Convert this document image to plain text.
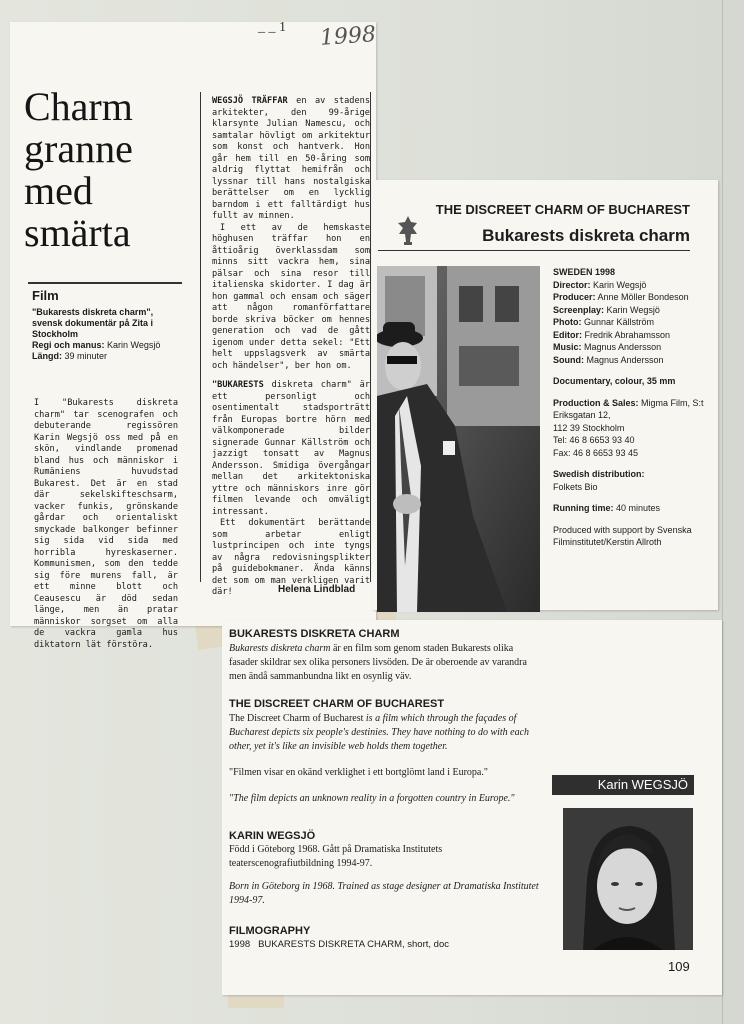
_ _ 1 1998
Charm
granne
med
smärta
Film
"Bukarests diskreta charm", svensk dokumentär på Zita i Stockholm
Regi och manus: Karin Wegsjö
Längd: 39 minuter
I "Bukarests diskreta charm" tar scenografen och debuterande regissören Karin Wegsjö oss med på en skön, vindlande promenad bland hus och människor i Rumäniens huvudstad Bukarest. Det är en stad där sekelskifteschsarm, vacker funkis, grönskande gårdar och orientaliskt smyckade balkonger befinner sig sida vid sida med horribla hyreskaserner. Kommunismen, som den tedde sig före murens fall, är ett minne blott och Ceausescu är död sedan länge, men än pratar människor sorgset om alla de vackra gamla hus diktatorn lät förstöra.

WEGSJÖ TRÄFFAR en av stadens arkitekter, den 99-årige klarsynte Julian Namescu, och samtalar hövligt om arkitektur som konst och hantverk. Hon går hem till en 50-åring som aldrig flyttat hemifrån och lyssnar till hans nostalgiska berättelser om en lycklig barndom i ett falltärdigt hus fullt av minnen.

I ett av de hemskaste höghusen träffar hon en åttioårig överklassdam som minns sitt vackra hem, sina pälsar och sina resor till italienska skidorter. I dag är hon gammal och ensam och säger att någon romanförfattare borde skriva böcker om hennes generation och vad de gått igenom under detta sekel: "Ett helt uppslagsverk av smärta och händelser", ber hon om.

"BUKARESTS diskreta charm" är ett personligt och osentimentalt stadsporträtt från Europas bortre hörn med välkomponerade bilder signerade Gunnar Källström och jazzigt tonsatt av Magnus Andersson. Smidiga övergångar mellan det arkitektoniska yttre och människors inre gör filmen levande och omväligt intressant.

Ett dokumentärt berättande som arbetar enligt lustprincipen och inte tyngs av några redovisningsplikter på guidebokmaner. Ända känns det som om man verkligen varit där!	Helena Lindblad
THE DISCREET CHARM OF BUCHAREST
Bukarests diskreta charm

SWEDEN 1998

Director: Karin Wegsjö

Producer: Anne Möller Bondeson

Screenplay: Karin Wegsjö

Photo: Gunnar Källström

Editor: Fredrik Abrahamsson

Music: Magnus Andersson

Sound: Magnus Andersson

Documentary, colour, 35 mm

Production & Sales: Migma Film, S:t Eriksgatan 12,

112 39 Stockholm

Tel: 46 8 6653 93 40

Fax: 46 8 6653 93 45

Swedish distribution:

Folkets Bio

Running time: 40 minutes

Produced with support by Svenska Filminstitutet/Kerstin Allroth

BUKARESTS DISKRETA CHARM
Bukarests diskreta charm är en film som genom staden Bukarests olika fasader skildrar sex olika personers livsöden. De är oberoende av varandra men ändå sammanbundna likt en osynlig väv.
THE DISCREET CHARM OF BUCHAREST
The Discreet Charm of Bucharest is a film which through the façades of Bucharest depicts six people's destinies. They have nothing to do with each other, yet it's like an invisible web holds them together.
"Filmen visar en okänd verklighet i ett bortglömt land i Europa."
"The film depicts an unknown reality in a forgotten country in Europe."
KARIN WEGSJÖ
Född i Göteborg 1968. Gått på Dramatiska Institutets teaterscenografiutbildning 1994-97.
Born in Göteborg in 1968. Trained as stage designer at Dramatiska Institutet 1994-97.
FILMOGRAPHY
1998 BUKARESTS DISKRETA CHARM, short, doc
Karin WEGSJÖ
109
